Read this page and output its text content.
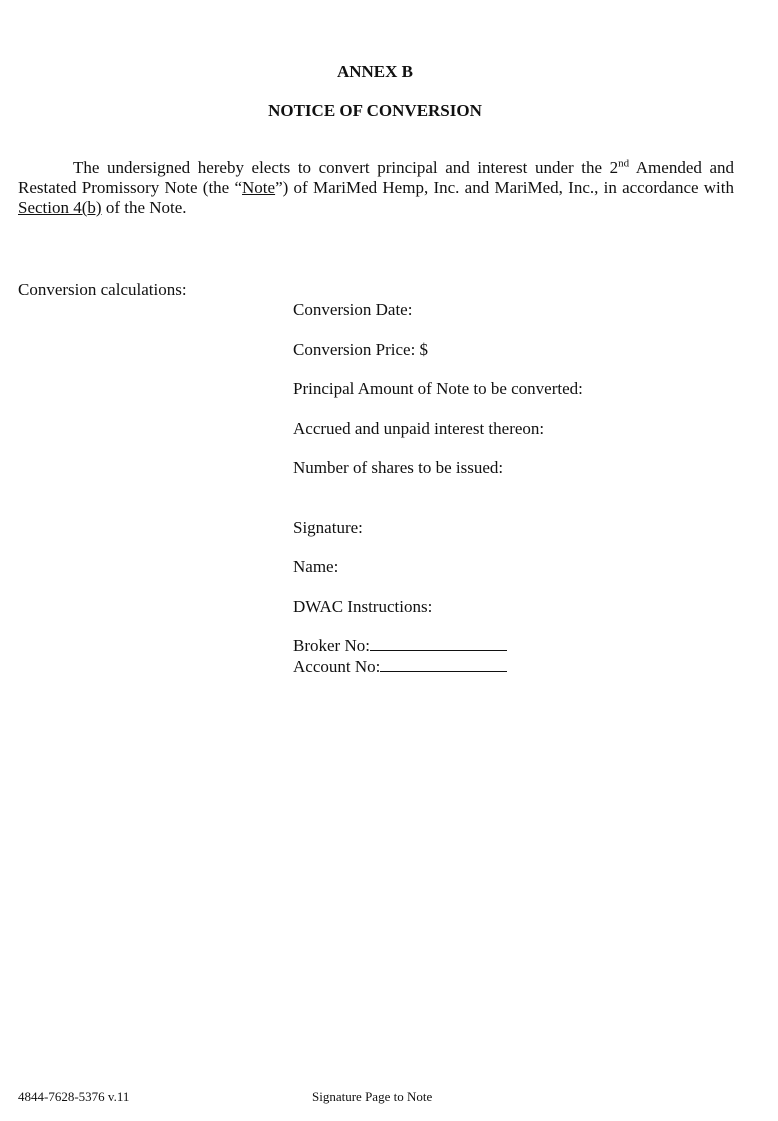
ANNEX B
NOTICE OF CONVERSION
The undersigned hereby elects to convert principal and interest under the 2nd Amended and Restated Promissory Note (the “Note”) of MariMed Hemp, Inc. and MariMed, Inc., in accordance with Section 4(b) of the Note.
Conversion calculations:
Conversion Date:
Conversion Price: $
Principal Amount of Note to be converted:
Accrued and unpaid interest thereon:
Number of shares to be issued:
Signature:
Name:
DWAC Instructions:
Broker No:
Account No:
4844-7628-5376 v.11	Signature Page to Note
